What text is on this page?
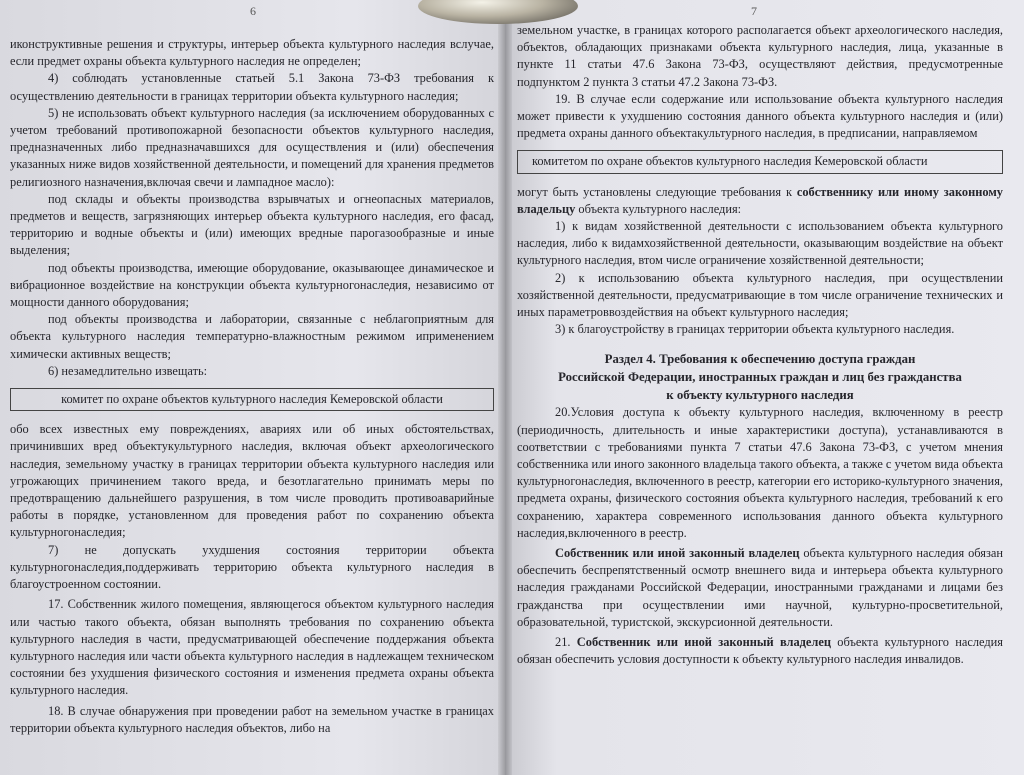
6

иконструктивные решения и структуры, интерьер объекта культурного наследия вслучае, если предмет охраны объекта культурного наследия не определен;

4) соблюдать установленные статьей 5.1 Закона 73-ФЗ требования к осуществлению деятельности в границах территории объекта культурного наследия;

5) не использовать объект культурного наследия (за исключением оборудованных с учетом требований противопожарной безопасности объектов культурного наследия, предназначенных либо предназначавшихся для осуществления и (или) обеспечения указанных ниже видов хозяйственной деятельности, и помещений для хранения предметов религиозного назначения,включая свечи и лампадное масло):

под склады и объекты производства взрывчатых и огнеопасных материалов, предметов и веществ, загрязняющих интерьер объекта культурного наследия, его фасад, территорию и водные объекты и (или) имеющих вредные парогазообразные и иные выделения;

под объекты производства, имеющие оборудование, оказывающее динамическое и вибрационное воздействие на конструкции объекта культурногонаследия, независимо от мощности данного оборудования;

под объекты производства и лаборатории, связанные с неблагоприятным для объекта культурного наследия температурно-влажностным режимом иприменением химически активных веществ;

6) незамедлительно извещать:

комитет по охране объектов культурного наследия Кемеровской области

обо всех известных ему повреждениях, авариях или об иных обстоятельствах, причинивших вред объектукультурного наследия, включая объект археологического наследия, земельному участку в границах территории объекта культурного наследия или угрожающих причинением такого вреда, и безотлагательно принимать меры по предотвращению дальнейшего разрушения, в том числе проводить противоаварийные работы в порядке, установленном для проведения работ по сохранению объекта культурногонаследия;

7) не допускать ухудшения состояния территории объекта культурногонаследия,поддерживать территорию объекта культурного наследия в благоустроенном состоянии.

17. Собственник жилого помещения, являющегося объектом культурного наследия или частью такого объекта, обязан выполнять требования по сохранению объекта культурного наследия в части, предусматривающей обеспечение поддержания объекта культурного наследия или части объекта культурного наследия в надлежащем техническом состоянии без ухудшения физического состояния и изменения предмета охраны объекта культурного наследия.

18. В случае обнаружения при проведении работ на земельном участке в границах территории объекта культурного наследия объектов, либо на

7

земельном участке, в границах которого располагается объект археологического наследия, объектов, обладающих признаками объекта культурного наследия, лица, указанные в пункте 11 статьи 47.6 Закона 73-ФЗ, осуществляют действия, предусмотренные подпунктом 2 пункта 3 статьи 47.2 Закона 73-ФЗ.

19. В случае если содержание или использование объекта культурного наследия может привести к ухудшению состояния данного объекта культурного наследия и (или) предмета охраны данного объектакультурного наследия, в предписании, направляемом

комитетом по охране объектов культурного наследия Кемеровской области

могут быть установлены следующие требования к собственнику или иному законному владельцу объекта культурного наследия:

1) к видам хозяйственной деятельности с использованием объекта культурного наследия, либо к видамхозяйственной деятельности, оказывающим воздействие на объект культурного наследия, втом числе ограничение хозяйственной деятельности;

2) к использованию объекта культурного наследия, при осуществлении хозяйственной деятельности, предусматривающие в том числе ограничение технических и иных параметроввоздействия на объект культурного наследия;

3) к благоустройству в границах территории объекта культурного наследия.

Раздел 4. Требования к обеспечению доступа граждан
Российской Федерации, иностранных граждан и лиц без гражданства
к объекту культурного наследия

20.Условия доступа к объекту культурного наследия, включенному в реестр (периодичность, длительность и иные характеристики доступа), устанавливаются в соответствии с требованиями пункта 7 статьи 47.6 Закона 73-ФЗ, с учетом мнения собственника или иного законного владельца такого объекта, а также с учетом вида объекта культурногонаследия, включенного в реестр, категории его историко-культурного значения, предмета охраны, физического состояния объекта культурного наследия, требований к его сохранению, характера современного использования данного объекта культурного наследия,включенного в реестр.

Собственник или иной законный владелец объекта культурного наследия обязан обеспечить беспрепятственный осмотр внешнего вида и интерьера объекта культурного наследия гражданами Российской Федерации, иностранными гражданами и лицами без гражданства при осуществлении ими научной, культурно-просветительной, образовательной, туристской, экскурсионной деятельности.

21. Собственник или иной законный владелец объекта культурного наследия обязан обеспечить условия доступности к объекту культурного наследия инвалидов.
